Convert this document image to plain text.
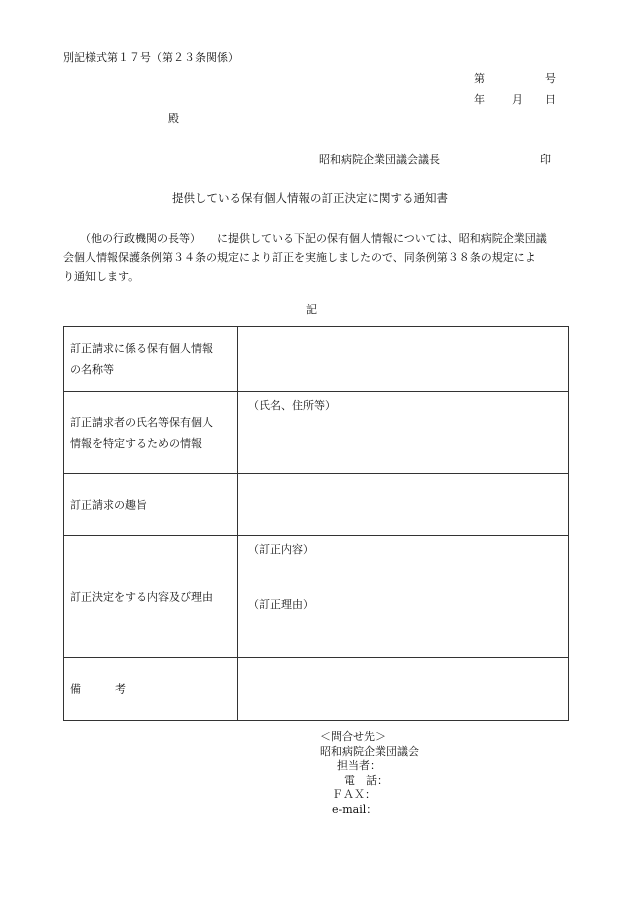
別記様式第１７号（第２３条関係）
第	号
年 月 日
殿
昭和病院企業団議会議長	印
提供している保有個人情報の訂正決定に関する通知書
（他の行政機関の長等） に提供している下記の保有個人情報については、昭和病院企業団議
会個人情報保護条例第３４条の規定により訂正を実施しましたので、同条例第３８条の規定によ
り通知します。
記
訂正請求に係る保有個人情報
の名称等	

訂正請求者の氏名等保有個人
情報を特定するための情報	（氏名、住所等）

訂正請求の趣旨	

訂正決定をする内容及び理由	（訂正内容）
（訂正理由）

備 考	

＜問合せ先＞
昭和病院企業団議会
担当者：
電　話：
ＦＡＸ：
e-mail：
